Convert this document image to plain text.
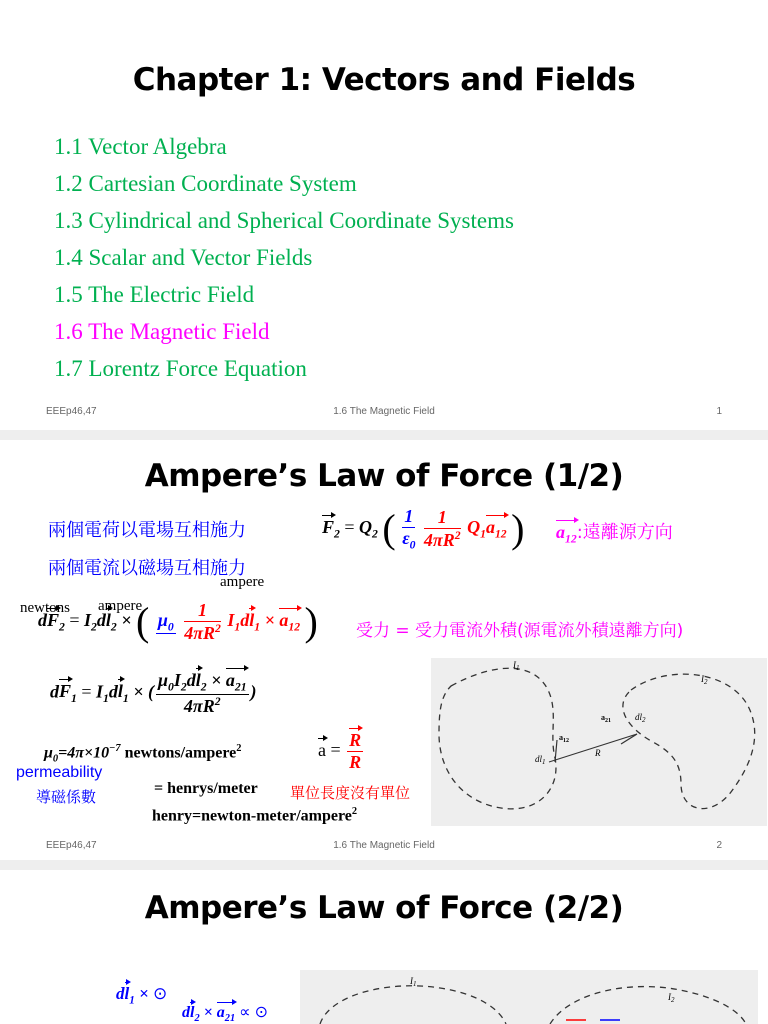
Chapter 1: Vectors and Fields
1.1 Vector Algebra
1.2 Cartesian Coordinate System
1.3 Cylindrical and Spherical Coordinate Systems
1.4 Scalar and Vector Fields
1.5 The Electric Field
1.6 The Magnetic Field
1.7 Lorentz Force Equation
EEEp46,47	1.6 The Magnetic Field	1
Ampere’s Law of Force (1/2)
兩個電荷以電場互相施力
兩個電流以磁場互相施力
ampere
$F_2 = Q_2$ ( $\frac{1}{\varepsilon_0}$
$\frac{1}{4\pi R^2} Q_1a_{12}$ ) $a_{12}$:遠離源方向
newtons ampere
$dF_2 = I_2dl_2$ × ( $\mu_0$
$\frac{1}{4\pi R^2} I_1dl_1 \times a_{12}$ ) 受力 = 受力電流外積(源電流外積遠離方向)
$dF_1 = I_1dl_1$ × ( $\frac{\mu_0I_2dl_2 \times a_{21}}{4\pi R^2}$ )
$\mu_0=4\pi\times 10^{-7}$ newtons/ampere$^2$	$a = \frac{R}{R}$
permeability
導磁係數	= henrys/meter 單位長度沒有單位
henry=newton-meter/ampere$^2$
$I_1$
$I_2$
R
$a_{12}$
$a_{21}$
$dl_1$
$dl_2$
EEEp46,47	1.6 The Magnetic Field	2
Ampere’s Law of Force (2/2)
$dl_1$ × ⊙
$dl_2 \times a_{21}$ ∝ ⊙
$I_1$
$I_2$
